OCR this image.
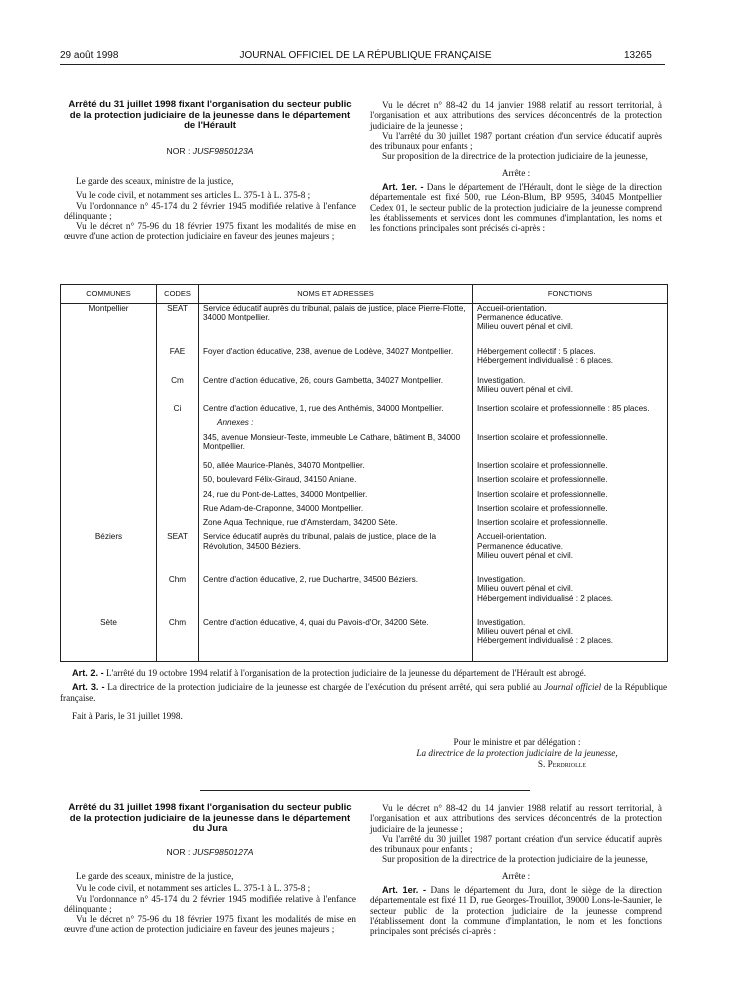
29 août 1998	JOURNAL OFFICIEL DE LA RÉPUBLIQUE FRANÇAISE	13265
Arrêté du 31 juillet 1998 fixant l'organisation du secteur public de la protection judiciaire de la jeunesse dans le département de l'Hérault
NOR : JUSF9850123A

Le garde des sceaux, ministre de la justice,

Vu le code civil, et notamment ses articles L. 375-1 à L. 375-8 ;

Vu l'ordonnance n° 45-174 du 2 février 1945 modifiée relative à l'enfance délinquante ;

Vu le décret n° 75-96 du 18 février 1975 fixant les modalités de mise en œuvre d'une action de protection judiciaire en faveur des jeunes majeurs ;

Vu le décret n° 88-42 du 14 janvier 1988 relatif au ressort territorial, à l'organisation et aux attributions des services déconcentrés de la protection judiciaire de la jeunesse ;

Vu l'arrêté du 30 juillet 1987 portant création d'un service éducatif auprès des tribunaux pour enfants ;

Sur proposition de la directrice de la protection judiciaire de la jeunesse,

Arrête :

Art. 1er. - Dans le département de l'Hérault, dont le siège de la direction départementale est fixé 500, rue Léon-Blum, BP 9595, 34045 Montpellier Cedex 01, le secteur public de la protection judiciaire de la jeunesse comprend les établissements et services dont les communes d'implantation, les noms et les fonctions principales sont précisés ci-après :

COMMUNES	CODES	NOMS ET ADRESSES	FONCTIONS
Montpellier	SEAT	Service éducatif auprès du tribunal, palais de justice, place Pierre-Flotte, 34000 Montpellier.	Accueil-orientation.
Permanence éducative.
Milieu ouvert pénal et civil.
	FAE	Foyer d'action éducative, 238, avenue de Lodève, 34027 Montpellier.	Hébergement collectif : 5 places.
Hébergement individualisé : 6 places.
	Cm	Centre d'action éducative, 26, cours Gambetta, 34027 Montpellier.	Investigation.
Milieu ouvert pénal et civil.
	Ci	Centre d'action éducative, 1, rue des Anthémis, 34000 Montpellier.	Insertion scolaire et professionnelle : 85 places.
		Annexes :	
		345, avenue Monsieur-Teste, immeuble Le Cathare, bâtiment B, 34000 Montpellier.	Insertion scolaire et professionnelle.
		50, allée Maurice-Planès, 34070 Montpellier.	Insertion scolaire et professionnelle.
		50, boulevard Félix-Giraud, 34150 Aniane.	Insertion scolaire et professionnelle.
		24, rue du Pont-de-Lattes, 34000 Montpellier.	Insertion scolaire et professionnelle.
		Rue Adam-de-Craponne, 34000 Montpellier.	Insertion scolaire et professionnelle.
		Zone Aqua Technique, rue d'Amsterdam, 34200 Sète.	Insertion scolaire et professionnelle.
Béziers	SEAT	Service éducatif auprès du tribunal, palais de justice, place de la Révolution, 34500 Béziers.	Accueil-orientation.
Permanence éducative.
Milieu ouvert pénal et civil.
	Chm	Centre d'action éducative, 2, rue Duchartre, 34500 Béziers.	Investigation.
Milieu ouvert pénal et civil.
Hébergement individualisé : 2 places.
Sète	Chm	Centre d'action éducative, 4, quai du Pavois-d'Or, 34200 Sète.	Investigation.
Milieu ouvert pénal et civil.
Hébergement individualisé : 2 places.

Art. 2. - L'arrêté du 19 octobre 1994 relatif à l'organisation de la protection judiciaire de la jeunesse du département de l'Hérault est abrogé.

Art. 3. - La directrice de la protection judiciaire de la jeunesse est chargée de l'exécution du présent arrêté, qui sera publié au Journal officiel de la République française.

Fait à Paris, le 31 juillet 1998.

Pour le ministre et par délégation :
La directrice de la protection judiciaire de la jeunesse,
S. Perdriolle
Arrêté du 31 juillet 1998 fixant l'organisation du secteur public de la protection judiciaire de la jeunesse dans le département du Jura
NOR : JUSF9850127A

Le garde des sceaux, ministre de la justice,

Vu le code civil, et notamment ses articles L. 375-1 à L. 375-8 ;

Vu l'ordonnance n° 45-174 du 2 février 1945 modifiée relative à l'enfance délinquante ;

Vu le décret n° 75-96 du 18 février 1975 fixant les modalités de mise en œuvre d'une action de protection judiciaire en faveur des jeunes majeurs ;

Vu le décret n° 88-42 du 14 janvier 1988 relatif au ressort territorial, à l'organisation et aux attributions des services déconcentrés de la protection judiciaire de la jeunesse ;

Vu l'arrêté du 30 juillet 1987 portant création d'un service éducatif auprès des tribunaux pour enfants ;

Sur proposition de la directrice de la protection judiciaire de la jeunesse,

Arrête :

Art. 1er. - Dans le département du Jura, dont le siège de la direction départementale est fixé 11 D, rue Georges-Trouillot, 39000 Lons-le-Saunier, le secteur public de la protection judiciaire de la jeunesse comprend l'établissement dont la commune d'implantation, le nom et les fonctions principales sont précisés ci-après :
